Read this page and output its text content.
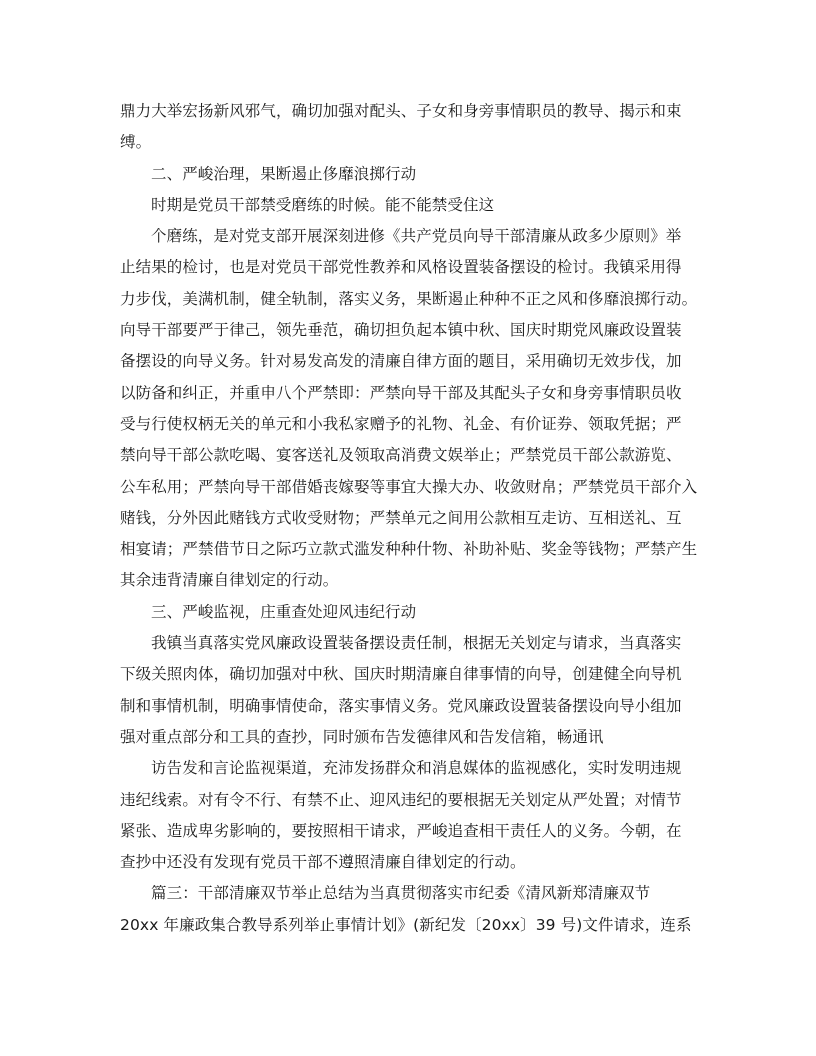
鼎力大举宏扬新风邪气，确切加强对配头、子女和身旁事情职员的教导、揭示和束
缚。
二、严峻治理，果断遏止侈靡浪掷行动
时期是党员干部禁受磨练的时候。能不能禁受住这
个磨练，是对党支部开展深刻进修《共产党员向导干部清廉从政多少原则》举
止结果的检讨，也是对党员干部党性教养和风格设置装备摆设的检讨。我镇采用得
力步伐，美满机制，健全轨制，落实义务，果断遏止种种不正之风和侈靡浪掷行动。
向导干部要严于律己，领先垂范，确切担负起本镇中秋、国庆时期党风廉政设置装
备摆设的向导义务。针对易发高发的清廉自律方面的题目，采用确切无效步伐，加
以防备和纠正，并重申八个严禁即：严禁向导干部及其配头子女和身旁事情职员收
受与行使权柄无关的单元和小我私家赠予的礼物、礼金、有价证券、领取凭据；严
禁向导干部公款吃喝、宴客送礼及领取高消费文娱举止；严禁党员干部公款游览、
公车私用；严禁向导干部借婚丧嫁娶等事宜大操大办、收敛财帛；严禁党员干部介入
赌钱，分外因此赌钱方式收受财物；严禁单元之间用公款相互走访、互相送礼、互
相宴请；严禁借节日之际巧立款式滥发种种什物、补助补贴、奖金等钱物；严禁产生
其余违背清廉自律划定的行动。
三、严峻监视，庄重查处迎风违纪行动
我镇当真落实党风廉政设置装备摆设责任制，根据无关划定与请求，当真落实
下级关照肉体，确切加强对中秋、国庆时期清廉自律事情的向导，创建健全向导机
制和事情机制，明确事情使命，落实事情义务。党风廉政设置装备摆设向导小组加
强对重点部分和工具的查抄，同时颁布告发德律风和告发信箱，畅通讯
访告发和言论监视渠道，充沛发扬群众和消息媒体的监视感化，实时发明违规
违纪线索。对有令不行、有禁不止、迎风违纪的要根据无关划定从严处置；对情节
紧张、造成卑劣影响的，要按照相干请求，严峻追查相干责任人的义务。今朝，在
查抄中还没有发现有党员干部不遵照清廉自律划定的行动。
篇三：干部清廉双节举止总结为当真贯彻落实市纪委《清风新郑清廉双节
20xx 年廉政集合教导系列举止事情计划》(新纪发〔20xx〕39 号)文件请求，连系
